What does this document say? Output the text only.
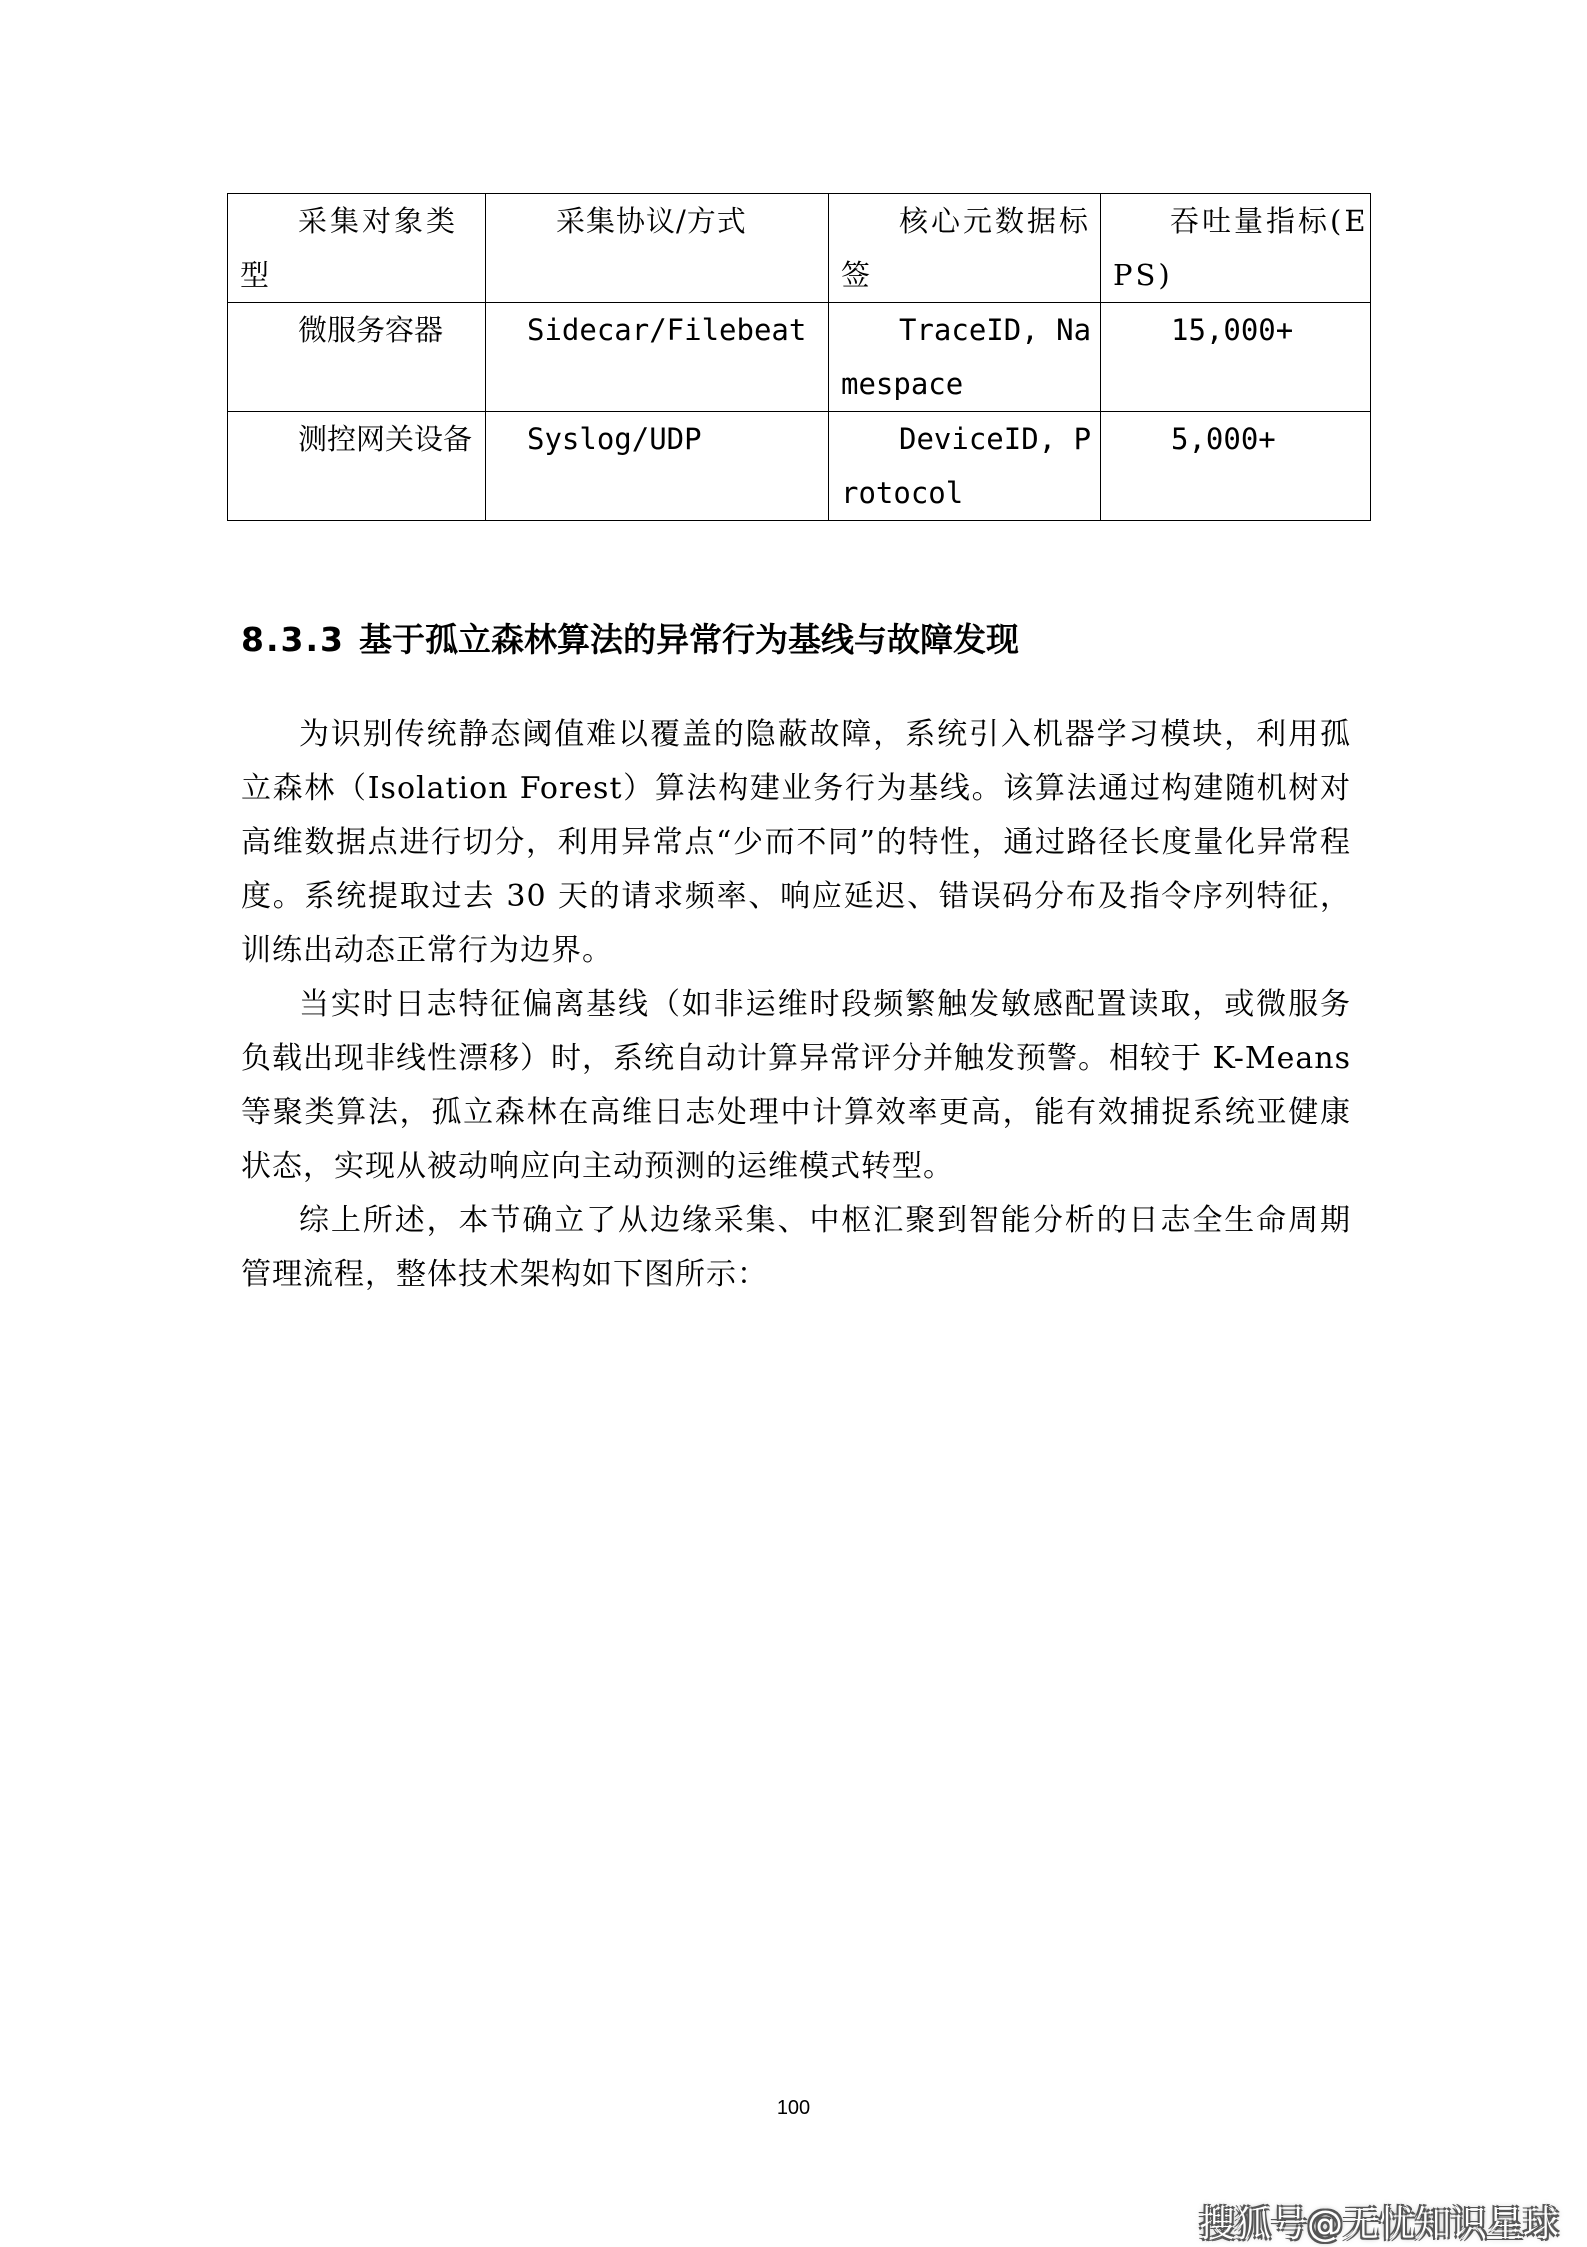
采集对象类型	采集协议/方式	核心元数据标签	吞吐量指标(EPS)

微服务容器	Sidecar/Filebeat	TraceID, Namespace	15,000+

测控网关设备	Syslog/UDP	DeviceID, Protocol	5,000+
8.3.3 基于孤立森林算法的异常行为基线与故障发现

为识别传统静态阈值难以覆盖的隐蔽故障，系统引入机器学习模块，利用孤立森林（Isolation Forest）算法构建业务行为基线。该算法通过构建随机树对高维数据点进行切分，利用异常点“少而不同”的特性，通过路径长度量化异常程度。系统提取过去 30 天的请求频率、响应延迟、错误码分布及指令序列特征，训练出动态正常行为边界。

当实时日志特征偏离基线（如非运维时段频繁触发敏感配置读取，或微服务负载出现非线性漂移）时，系统自动计算异常评分并触发预警。相较于 K-Means 等聚类算法，孤立森林在高维日志处理中计算效率更高，能有效捕捉系统亚健康状态，实现从被动响应向主动预测的运维模式转型。

综上所述，本节确立了从边缘采集、中枢汇聚到智能分析的日志全生命周期管理流程，整体技术架构如下图所示：

100
搜狐号@无忧知识星球
